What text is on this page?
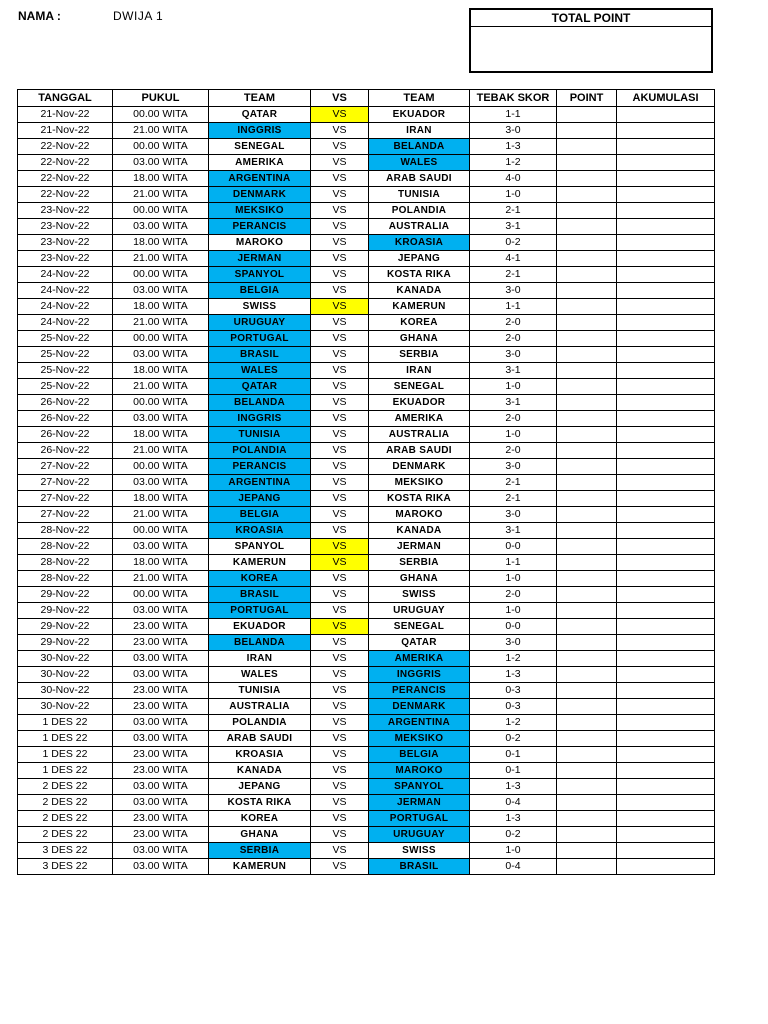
NAMA :	DWIJA 1	TOTAL POINT
TANGGAL	PUKUL	TEAM	VS	TEAM	TEBAK SKOR	POINT	AKUMULASI
21-Nov-22	00.00 WITA	QATAR	VS	EKUADOR	1-1		
21-Nov-22	21.00 WITA	INGGRIS	VS	IRAN	3-0		
22-Nov-22	00.00 WITA	SENEGAL	VS	BELANDA	1-3		
22-Nov-22	03.00 WITA	AMERIKA	VS	WALES	1-2		
22-Nov-22	18.00 WITA	ARGENTINA	VS	ARAB SAUDI	4-0		
22-Nov-22	21.00 WITA	DENMARK	VS	TUNISIA	1-0		
23-Nov-22	00.00 WITA	MEKSIKO	VS	POLANDIA	2-1		
23-Nov-22	03.00 WITA	PERANCIS	VS	AUSTRALIA	3-1		
23-Nov-22	18.00 WITA	MAROKO	VS	KROASIA	0-2		
23-Nov-22	21.00 WITA	JERMAN	VS	JEPANG	4-1		
24-Nov-22	00.00 WITA	SPANYOL	VS	KOSTA RIKA	2-1		
24-Nov-22	03.00 WITA	BELGIA	VS	KANADA	3-0		
24-Nov-22	18.00 WITA	SWISS	VS	KAMERUN	1-1		
24-Nov-22	21.00 WITA	URUGUAY	VS	KOREA	2-0		
25-Nov-22	00.00 WITA	PORTUGAL	VS	GHANA	2-0		
25-Nov-22	03.00 WITA	BRASIL	VS	SERBIA	3-0		
25-Nov-22	18.00 WITA	WALES	VS	IRAN	3-1		
25-Nov-22	21.00 WITA	QATAR	VS	SENEGAL	1-0		
26-Nov-22	00.00 WITA	BELANDA	VS	EKUADOR	3-1		
26-Nov-22	03.00 WITA	INGGRIS	VS	AMERIKA	2-0		
26-Nov-22	18.00 WITA	TUNISIA	VS	AUSTRALIA	1-0		
26-Nov-22	21.00 WITA	POLANDIA	VS	ARAB SAUDI	2-0		
27-Nov-22	00.00 WITA	PERANCIS	VS	DENMARK	3-0		
27-Nov-22	03.00 WITA	ARGENTINA	VS	MEKSIKO	2-1		
27-Nov-22	18.00 WITA	JEPANG	VS	KOSTA RIKA	2-1		
27-Nov-22	21.00 WITA	BELGIA	VS	MAROKO	3-0		
28-Nov-22	00.00 WITA	KROASIA	VS	KANADA	3-1		
28-Nov-22	03.00 WITA	SPANYOL	VS	JERMAN	0-0		
28-Nov-22	18.00 WITA	KAMERUN	VS	SERBIA	1-1		
28-Nov-22	21.00 WITA	KOREA	VS	GHANA	1-0		
29-Nov-22	00.00 WITA	BRASIL	VS	SWISS	2-0		
29-Nov-22	03.00 WITA	PORTUGAL	VS	URUGUAY	1-0		
29-Nov-22	23.00 WITA	EKUADOR	VS	SENEGAL	0-0		
29-Nov-22	23.00 WITA	BELANDA	VS	QATAR	3-0		
30-Nov-22	03.00 WITA	IRAN	VS	AMERIKA	1-2		
30-Nov-22	03.00 WITA	WALES	VS	INGGRIS	1-3		
30-Nov-22	23.00 WITA	TUNISIA	VS	PERANCIS	0-3		
30-Nov-22	23.00 WITA	AUSTRALIA	VS	DENMARK	0-3		
1 DES 22	03.00 WITA	POLANDIA	VS	ARGENTINA	1-2		
1 DES 22	03.00 WITA	ARAB SAUDI	VS	MEKSIKO	0-2		
1 DES 22	23.00 WITA	KROASIA	VS	BELGIA	0-1		
1 DES 22	23.00 WITA	KANADA	VS	MAROKO	0-1		
2 DES 22	03.00 WITA	JEPANG	VS	SPANYOL	1-3		
2 DES 22	03.00 WITA	KOSTA RIKA	VS	JERMAN	0-4		
2 DES 22	23.00 WITA	KOREA	VS	PORTUGAL	1-3		
2 DES 22	23.00 WITA	GHANA	VS	URUGUAY	0-2		
3 DES 22	03.00 WITA	SERBIA	VS	SWISS	1-0		
3 DES 22	03.00 WITA	KAMERUN	VS	BRASIL	0-4		
